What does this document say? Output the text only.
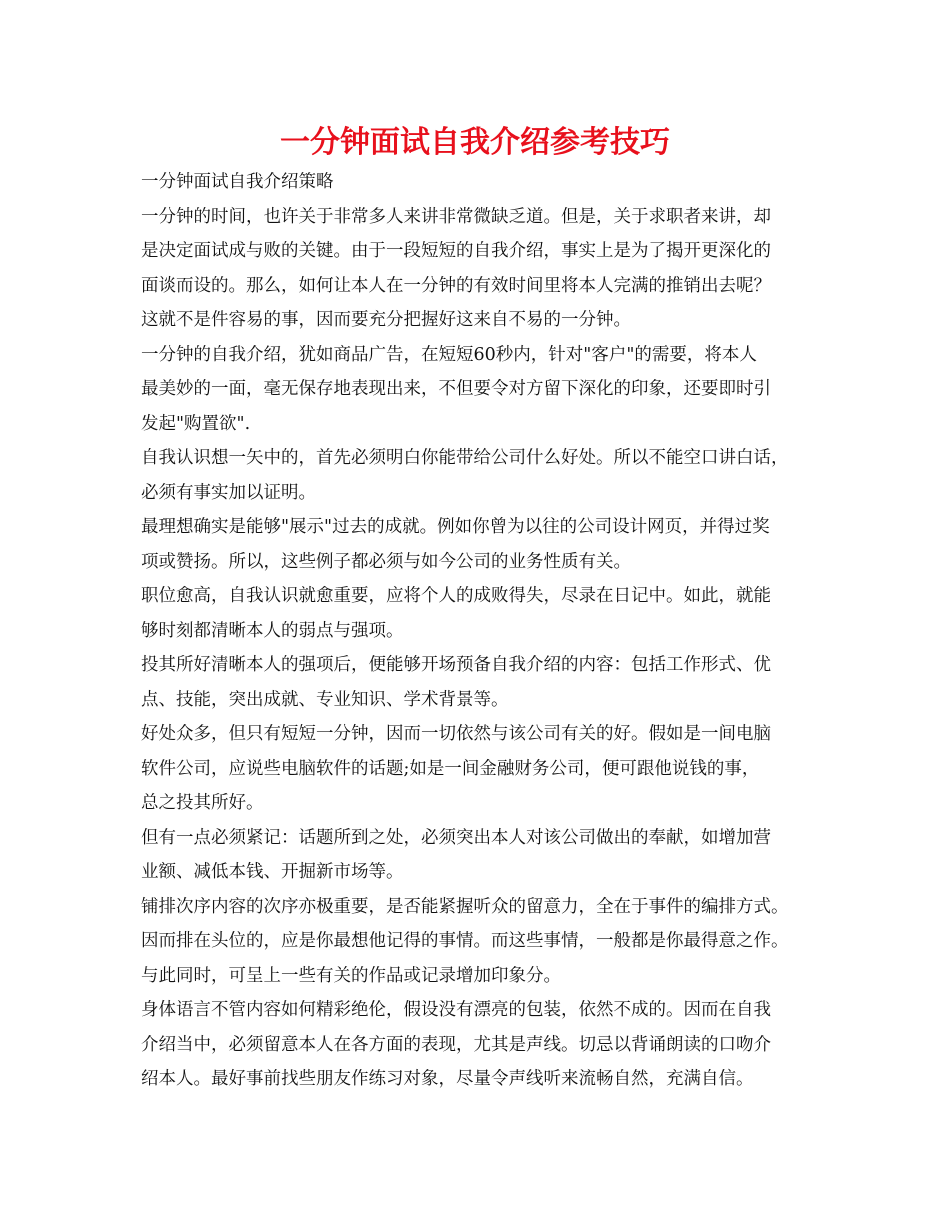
一分钟面试自我介绍参考技巧
一分钟面试自我介绍策略
一分钟的时间，也许关于非常多人来讲非常微缺乏道。但是，关于求职者来讲，却
是决定面试成与败的关键。由于一段短短的自我介绍，事实上是为了揭开更深化的
面谈而设的。那么，如何让本人在一分钟的有效时间里将本人完满的推销出去呢？
这就不是件容易的事，因而要充分把握好这来自不易的一分钟。
一分钟的自我介绍，犹如商品广告，在短短60秒内，针对"客户"的需要，将本人
最美妙的一面，毫无保存地表现出来，不但要令对方留下深化的印象，还要即时引
发起"购置欲".
自我认识想一矢中的，首先必须明白你能带给公司什么好处。所以不能空口讲白话，
必须有事实加以证明。
最理想确实是能够"展示"过去的成就。例如你曾为以往的公司设计网页，并得过奖
项或赞扬。所以，这些例子都必须与如今公司的业务性质有关。
职位愈高，自我认识就愈重要，应将个人的成败得失，尽录在日记中。如此，就能
够时刻都清晰本人的弱点与强项。
投其所好清晰本人的强项后，便能够开场预备自我介绍的内容：包括工作形式、优
点、技能，突出成就、专业知识、学术背景等。
好处众多，但只有短短一分钟，因而一切依然与该公司有关的好。假如是一间电脑
软件公司，应说些电脑软件的话题;如是一间金融财务公司，便可跟他说钱的事，
总之投其所好。
但有一点必须紧记：话题所到之处，必须突出本人对该公司做出的奉献，如增加营
业额、减低本钱、开掘新市场等。
铺排次序内容的次序亦极重要，是否能紧握听众的留意力，全在于事件的编排方式。
因而排在头位的，应是你最想他记得的事情。而这些事情，一般都是你最得意之作。
与此同时，可呈上一些有关的作品或记录增加印象分。
身体语言不管内容如何精彩绝伦，假设没有漂亮的包装，依然不成的。因而在自我
介绍当中，必须留意本人在各方面的表现，尤其是声线。切忌以背诵朗读的口吻介
绍本人。最好事前找些朋友作练习对象，尽量令声线听来流畅自然，充满自信。
